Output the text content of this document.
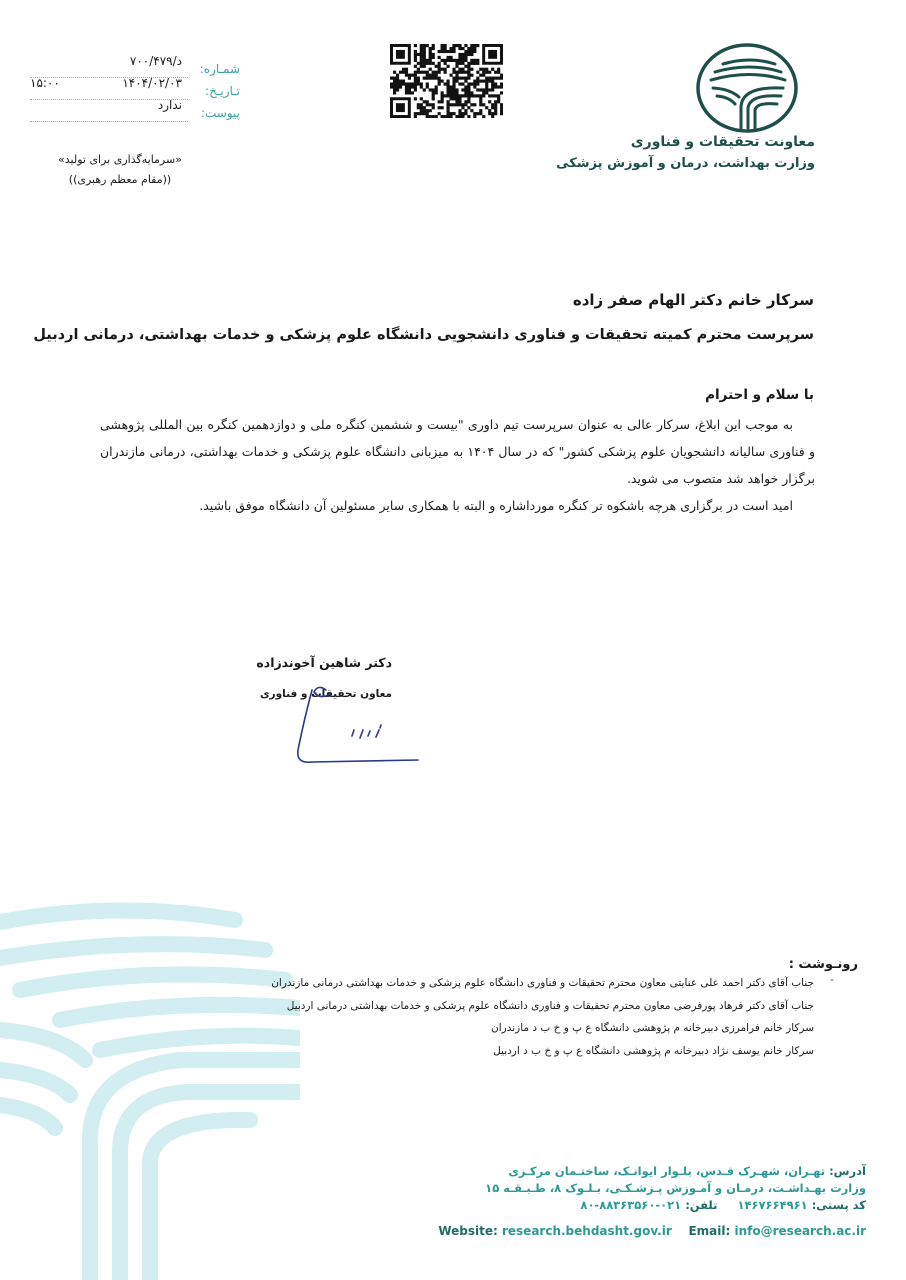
شمـاره:
د/۷۰۰/۴۷۹
تـاریـخ:
۱۴۰۴/۰۲/۰۳
۱۵:۰۰
پیوست:
ندارد
«سرمایه‌گذاری برای تولید»
((مقام معظم رهبری))
معاونت تحقیقات و فناوری
وزارت بهداشت، درمان و آموزش پزشکی
سرکار خانم دکتر الهام صفر زاده
سرپرست محترم کمیته تحقیقات و فناوری دانشجویی دانشگاه علوم پزشکی و خدمات بهداشتی، درمانی اردبیل
با سلام و احترام

به موجب این ابلاغ، سرکار عالی به عنوان سرپرست تیم داوری "بیست و ششمین کنگره ملی و دوازدهمین کنگره بین المللی پژوهشی و فناوری سالیانه دانشجویان علوم پزشکی کشور" که در سال ۱۴۰۴ به میزبانی دانشگاه علوم پزشکی و خدمات بهداشتی، درمانی مازندران برگزار خواهد شد متصوب می شوید.

امید است در برگزاری هرچه باشکوه تر کنگره مورداشاره و البته با همکاری سایر مسئولین آن دانشگاه موفق باشید.

دکتر شاهین آخوندزاده
معاون تحقیقات و فناوری
رونـوشت :
-
جناب آقای دکتر احمد علی عنایتی معاون محترم تحقیقات و فناوری دانشگاه علوم پزشکی و خدمات بهداشتی درمانی مازندران
جناب آقای دکتر فرهاد پورفرضی معاون محترم تحقیقات و فناوری دانشگاه علوم پزشکی و خدمات بهداشتی درمانی اردبیل
سرکار خانم فرامرزی دبیرخانه م پژوهشی دانشگاه ع پ و خ ب د مازندران
سرکار خانم یوسف نژاد دبیرخانه م پژوهشی دانشگاه ع پ و خ ب د اردبیل
آدرس: تهـران، شهـرک قـدس، بلـوار ایوانـک، ساختـمان مرکـزی
وزارت بهـداشـت، درمـان و آمـوزش پـزشـکـی، بـلـوک ۸، طـبـقـه ۱۵
کد پستی: ۱۴۶۷۶۶۴۹۶۱     تلفن: ۰۲۱-۸۸۳۶۳۵۶۰-۸۰
Website: research.behdasht.gov.ir Email: info@research.ac.ir
